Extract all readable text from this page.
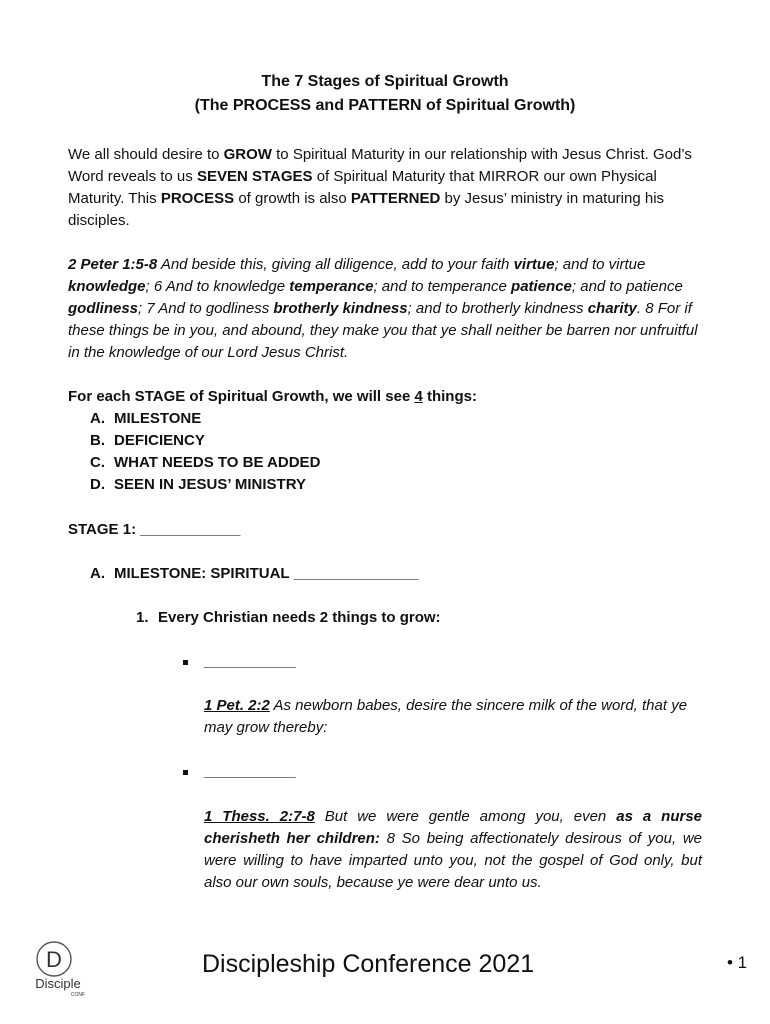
The 7 Stages of Spiritual Growth
(The PROCESS and PATTERN of Spiritual Growth)
We all should desire to GROW to Spiritual Maturity in our relationship with Jesus Christ. God’s Word reveals to us SEVEN STAGES of Spiritual Maturity that MIRROR our own Physical Maturity. This PROCESS of growth is also PATTERNED by Jesus’ ministry in maturing his disciples.
2 Peter 1:5-8 And beside this, giving all diligence, add to your faith virtue; and to virtue knowledge; 6 And to knowledge temperance; and to temperance patience; and to patience godliness; 7 And to godliness brotherly kindness; and to brotherly kindness charity. 8 For if these things be in you, and abound, they make you that ye shall neither be barren nor unfruitful in the knowledge of our Lord Jesus Christ.
For each STAGE of Spiritual Growth, we will see 4 things:
A. MILESTONE
B. DEFICIENCY
C. WHAT NEEDS TO BE ADDED
D. SEEN IN JESUS’ MINISTRY
STAGE 1: ____________
A. MILESTONE: SPIRITUAL _______________
1. Every Christian needs 2 things to grow:
___________
1 Pet. 2:2 As newborn babes, desire the sincere milk of the word, that ye may grow thereby:
___________
1 Thess. 2:7-8 But we were gentle among you, even as a nurse cherisheth her children: 8 So being affectionately desirous of you, we were willing to have imparted unto you, not the gospel of God only, but also our own souls, because ye were dear unto us.
D
Disciple
CONF
Discipleship Conference 2021	• 1
